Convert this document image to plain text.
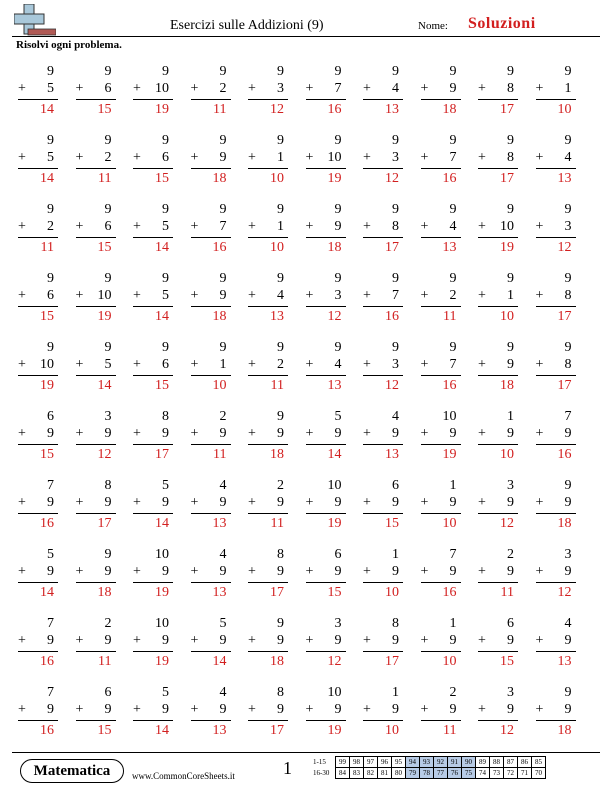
Esercizi sulle Addizioni (9)	Nome: Soluzioni
Risolvi ogni problema.
9
+ 5
14
9
+ 6
15
9
+ 10
19
9
+ 2
11
9
+ 3
12
9
+ 7
16
9
+ 4
13
9
+ 9
18
9
+ 8
17
9
+ 1
10
9
+ 5
14
9
+ 2
11
9
+ 6
15
9
+ 9
18
9
+ 1
10
9
+ 10
19
9
+ 3
12
9
+ 7
16
9
+ 8
17
9
+ 4
13
9
+ 2
11
9
+ 6
15
9
+ 5
14
9
+ 7
16
9
+ 1
10
9
+ 9
18
9
+ 8
17
9
+ 4
13
9
+ 10
19
9
+ 3
12
9
+ 6
15
9
+ 10
19
9
+ 5
14
9
+ 9
18
9
+ 4
13
9
+ 3
12
9
+ 7
16
9
+ 2
11
9
+ 1
10
9
+ 8
17
9
+ 10
19
9
+ 5
14
9
+ 6
15
9
+ 1
10
9
+ 2
11
9
+ 4
13
9
+ 3
12
9
+ 7
16
9
+ 9
18
9
+ 8
17
6
+ 9
15
3
+ 9
12
8
+ 9
17
2
+ 9
11
9
+ 9
18
5
+ 9
14
4
+ 9
13
10
+ 9
19
1
+ 9
10
7
+ 9
16
7
+ 9
16
8
+ 9
17
5
+ 9
14
4
+ 9
13
2
+ 9
11
10
+ 9
19
6
+ 9
15
1
+ 9
10
3
+ 9
12
9
+ 9
18
5
+ 9
14
9
+ 9
18
10
+ 9
19
4
+ 9
13
8
+ 9
17
6
+ 9
15
1
+ 9
10
7
+ 9
16
2
+ 9
11
3
+ 9
12
7
+ 9
16
2
+ 9
11
10
+ 9
19
5
+ 9
14
9
+ 9
18
3
+ 9
12
8
+ 9
17
1
+ 9
10
6
+ 9
15
4
+ 9
13
7
+ 9
16
6
+ 9
15
5
+ 9
14
4
+ 9
13
8
+ 9
17
10
+ 9
19
1
+ 9
10
2
+ 9
11
3
+ 9
12
9
+ 9
18
Matematica	www.CommonCoreSheets.it	1	1-15	99	98	97	96	95	94	93	92	91	90	89	88	87	86	85
16-30	84	83	82	81	80	79	78	77	76	75	74	73	72	71	70
